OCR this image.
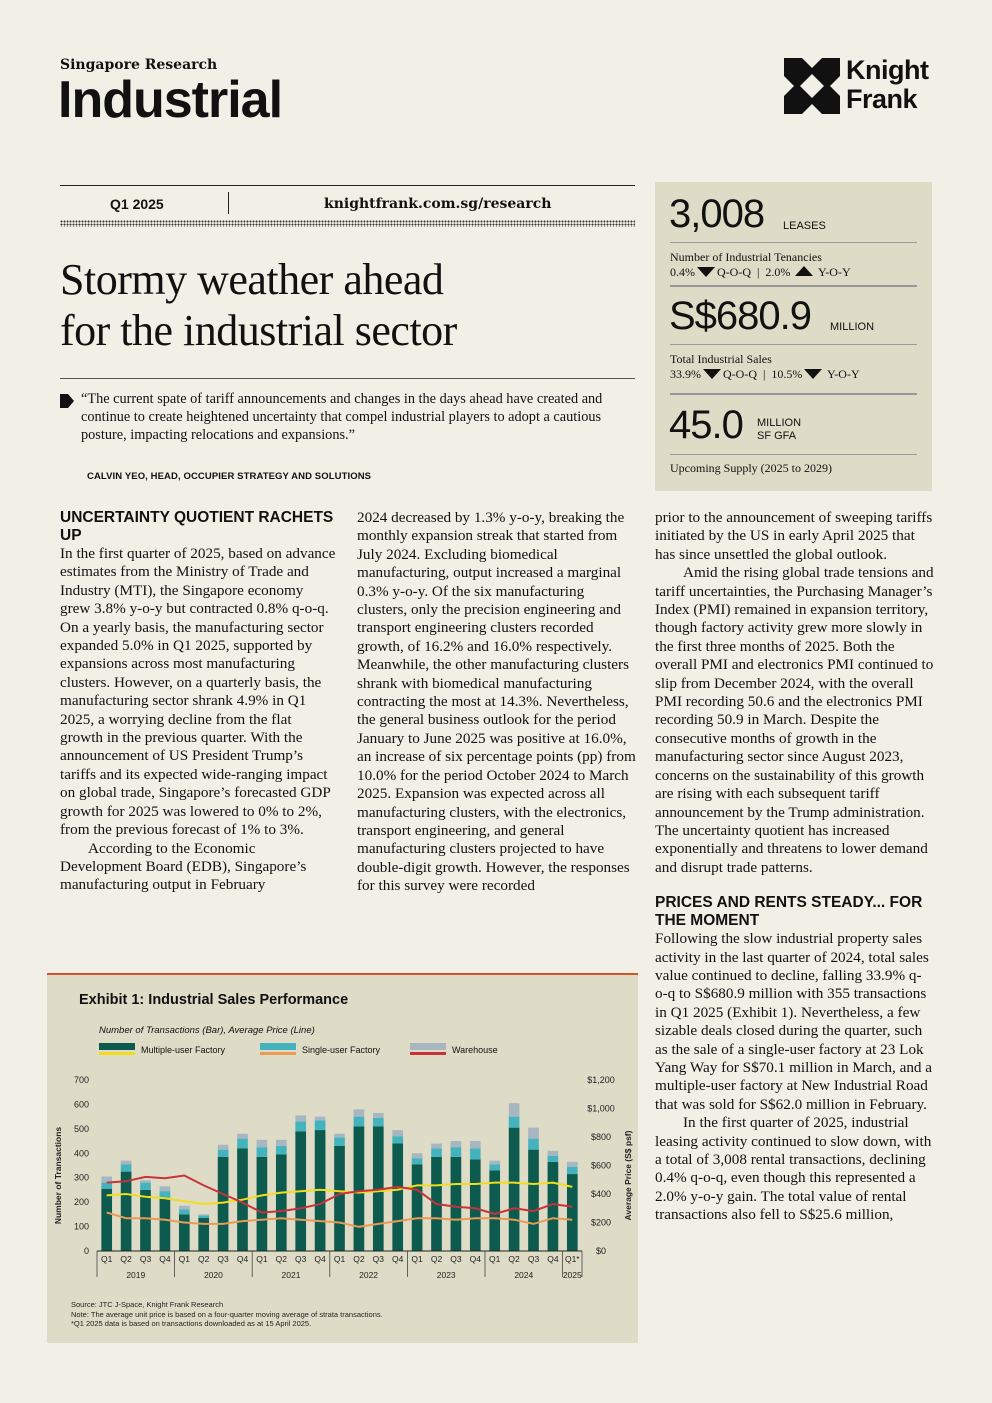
Singapore Research
Industrial
Knight
Frank
Q1 2025	knightfrank.com.sg/research
Stormy weather ahead
for the industrial sector
“The current spate of tariff announcements and changes in the days ahead have created and continue to create heightened uncertainty that compel industrial players to adopt a cautious posture, impacting relocations and expansions.”
CALVIN YEO, HEAD, OCCUPIER STRATEGY AND SOLUTIONS
3,008 LEASES
Number of Industrial Tenancies
0.4% Q-O-Q  |  2.0% Y-O-Y
S$680.9 MILLION
Total Industrial Sales
33.9% Q-O-Q  |  10.5% Y-O-Y
45.0 MILLION
SF GFA
Upcoming Supply (2025 to 2029)
UNCERTAINTY QUOTIENT RACHETS UP

In the first quarter of 2025, based on advance estimates from the Ministry of Trade and Industry (MTI), the Singapore economy grew 3.8% y-o-y but contracted 0.8% q-o-q. On a yearly basis, the manufacturing sector expanded 5.0% in Q1 2025, supported by expansions across most manufacturing clusters. However, on a quarterly basis, the manufacturing sector shrank 4.9% in Q1 2025, a worrying decline from the flat growth in the previous quarter. With the announcement of US President Trump’s tariffs and its expected wide-ranging impact on global trade, Singapore’s forecasted GDP growth for 2025 was lowered to 0% to 2%, from the previous forecast of 1% to 3%.

According to the Economic Development Board (EDB), Singapore’s manufacturing output in February

2024 decreased by 1.3% y-o-y, breaking the monthly expansion streak that started from July 2024. Excluding biomedical manufacturing, output increased a marginal 0.3% y-o-y. Of the six manufacturing clusters, only the precision engineering and transport engineering clusters recorded growth, of 16.2% and 16.0% respectively. Meanwhile, the other manufacturing clusters shrank with biomedical manufacturing contracting the most at 14.3%. Nevertheless, the general business outlook for the period January to June 2025 was positive at 16.0%, an increase of six percentage points (pp) from 10.0% for the period October 2024 to March 2025. Expansion was expected across all manufacturing clusters, with the electronics, transport engineering, and general manufacturing clusters projected to have double-digit growth. However, the responses for this survey were recorded

prior to the announcement of sweeping tariffs initiated by the US in early April 2025 that has since unsettled the global outlook.

Amid the rising global trade tensions and tariff uncertainties, the Purchasing Manager’s Index (PMI) remained in expansion territory, though factory activity grew more slowly in the first three months of 2025. Both the overall PMI and electronics PMI continued to slip from December 2024, with the overall PMI recording 50.6 and the electronics PMI recording 50.9 in March. Despite the consecutive months of growth in the manufacturing sector since August 2023, concerns on the sustainability of this growth are rising with each subsequent tariff announcement by the Trump administration. The uncertainty quotient has increased exponentially and threatens to lower demand and disrupt trade patterns.

PRICES AND RENTS STEADY... FOR THE MOMENT

Following the slow industrial property sales activity in the last quarter of 2024, total sales value continued to decline, falling 33.9% q-o-q to S$680.9 million with 355 transactions in Q1 2025 (Exhibit 1). Nevertheless, a few sizable deals closed during the quarter, such as the sale of a single-user factory at 23 Lok Yang Way for S$70.1 million in March, and a multiple-user factory at New Industrial Road that was sold for S$62.0 million in February.

In the first quarter of 2025, industrial leasing activity continued to slow down, with a total of 3,008 rental transactions, declining 0.4% q-o-q, even though this represented a 2.0% y-o-y gain. The total value of rental transactions also fell to S$25.6 million,

Exhibit 1: Industrial Sales Performance
Number of Transactions (Bar), Average Price (Line)
Multiple-user Factory	Single-user Factory	Warehouse
0
100
200
300
400
500
600
700
$0
$200
$400
$600
$800
$1,000
$1,200
Number of Transactions	Average Price (S$ psf)
Q1 Q2 Q3 Q4 Q1 Q2 Q3 Q4 Q1 Q2 Q3 Q4 Q1 Q2 Q3 Q4 Q1 Q2 Q3 Q4 Q1 Q2 Q3 Q4 Q1*
2019	2020	2021	2022	2023	2024	2025
Source: JTC J-Space, Knight Frank Research
Note: The average unit price is based on a four-quarter moving average of strata transactions.
*Q1 2025 data is based on transactions downloaded as at 15 April 2025.
